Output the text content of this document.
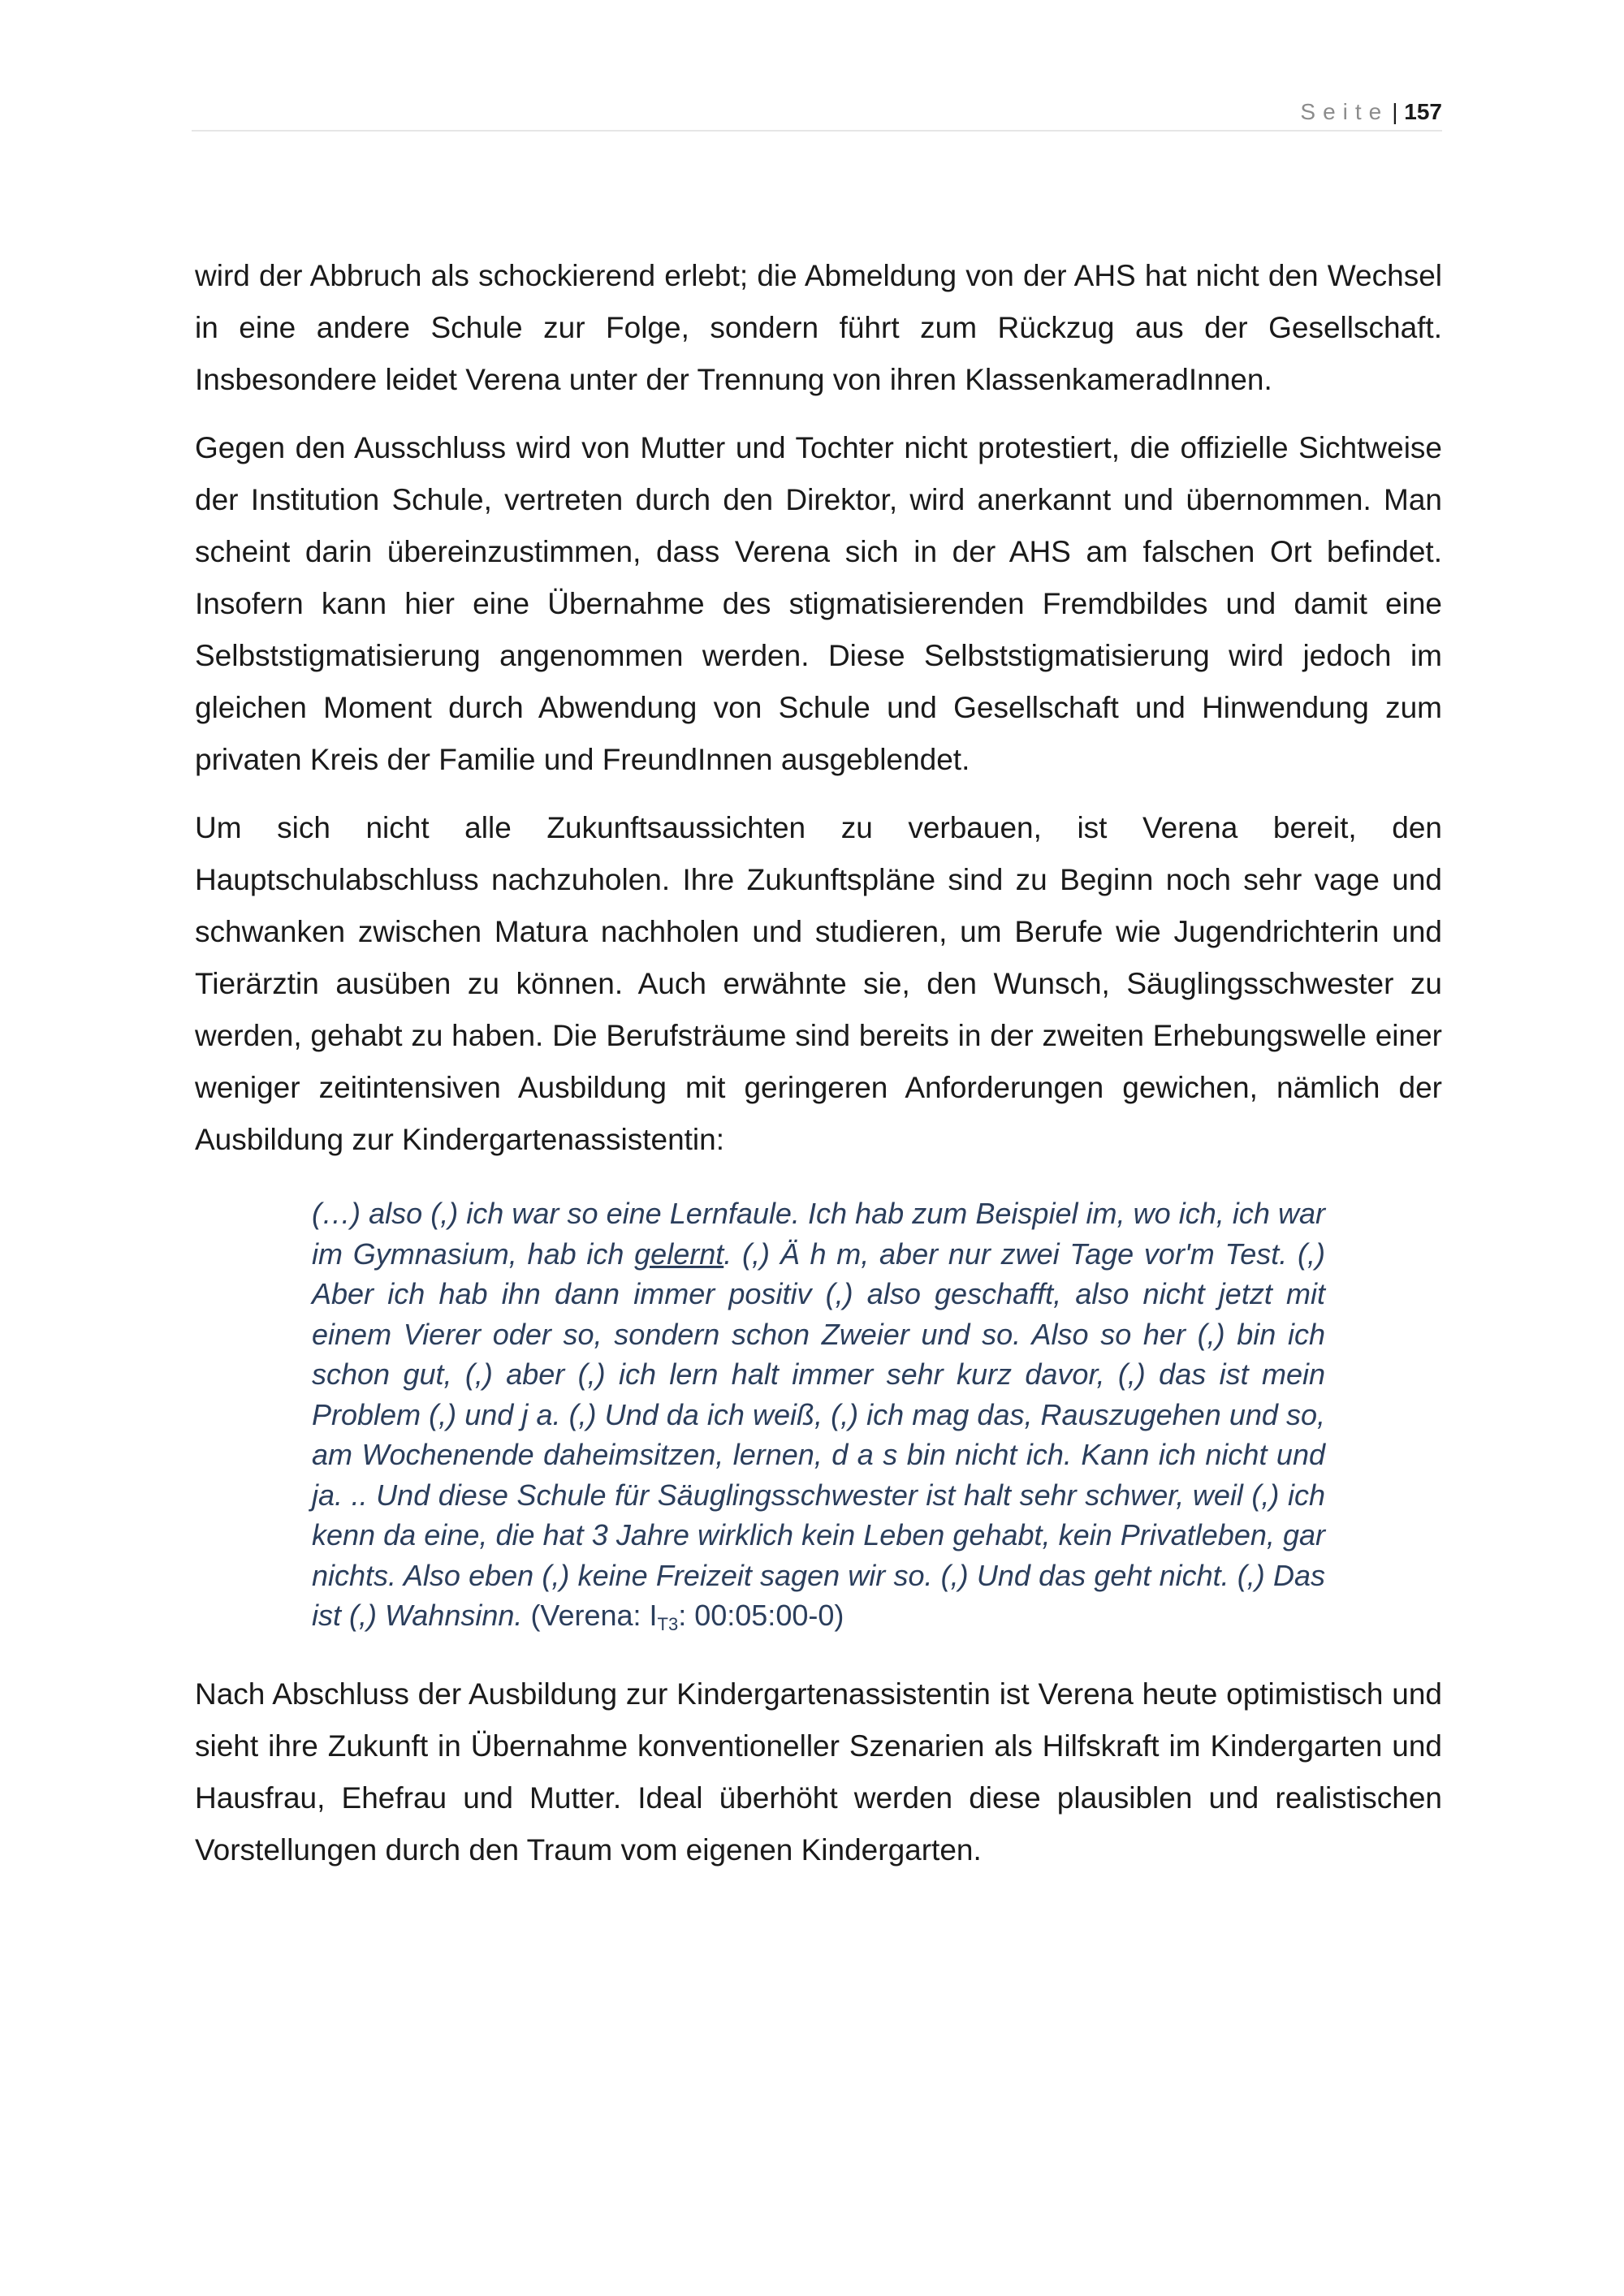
Seite | 157

wird der Abbruch als schockierend erlebt; die Abmeldung von der AHS hat nicht den Wechsel in eine andere Schule zur Folge, sondern führt zum Rückzug aus der Gesellschaft. Insbesondere leidet Verena unter der Trennung von ihren KlassenkameradInnen.

Gegen den Ausschluss wird von Mutter und Tochter nicht protestiert, die offizielle Sichtweise der Institution Schule, vertreten durch den Direktor, wird anerkannt und übernommen. Man scheint darin übereinzustimmen, dass Verena sich in der AHS am falschen Ort befindet. Insofern kann hier eine Übernahme des stigmatisierenden Fremdbildes und damit eine Selbststigmatisierung angenommen werden. Diese Selbststigmatisierung wird jedoch im gleichen Moment durch Abwendung von Schule und Gesellschaft und Hinwendung zum privaten Kreis der Familie und FreundInnen ausgeblendet.

Um sich nicht alle Zukunftsaussichten zu verbauen, ist Verena bereit, den Hauptschulabschluss nachzuholen. Ihre Zukunftspläne sind zu Beginn noch sehr vage und schwanken zwischen Matura nachholen und studieren, um Berufe wie Jugendrichterin und Tierärztin ausüben zu können. Auch erwähnte sie, den Wunsch, Säuglingsschwester zu werden, gehabt zu haben. Die Berufsträume sind bereits in der zweiten Erhebungswelle einer weniger zeitintensiven Ausbildung mit geringeren Anforderungen gewichen, nämlich der Ausbildung zur Kindergartenassistentin:

(…) also (,) ich war so eine Lernfaule. Ich hab zum Beispiel im, wo ich, ich war im Gymnasium, hab ich gelernt. (,) Ä h m, aber nur zwei Tage vor'm Test. (,) Aber ich hab ihn dann immer positiv (,) also geschafft, also nicht jetzt mit einem Vierer oder so, sondern schon Zweier und so. Also so her (,) bin ich schon gut, (,) aber (,) ich lern halt immer sehr kurz davor, (,) das ist mein Problem (,) und j a. (,) Und da ich weiß, (,) ich mag das, Rauszugehen und so, am Wochenende daheimsitzen, lernen, d a s bin nicht ich. Kann ich nicht und ja. .. Und diese Schule für Säuglingsschwester ist halt sehr schwer, weil (,) ich kenn da eine, die hat 3 Jahre wirklich kein Leben gehabt, kein Privatleben, gar nichts. Also eben (,) keine Freizeit sagen wir so. (,) Und das geht nicht. (,) Das ist (,) Wahnsinn. (Verena: $I_{T3}$: 00:05:00-0)

Nach Abschluss der Ausbildung zur Kindergartenassistentin ist Verena heute optimistisch und sieht ihre Zukunft in Übernahme konventioneller Szenarien als Hilfskraft im Kindergarten und Hausfrau, Ehefrau und Mutter. Ideal überhöht werden diese plausiblen und realistischen Vorstellungen durch den Traum vom eigenen Kindergarten.
